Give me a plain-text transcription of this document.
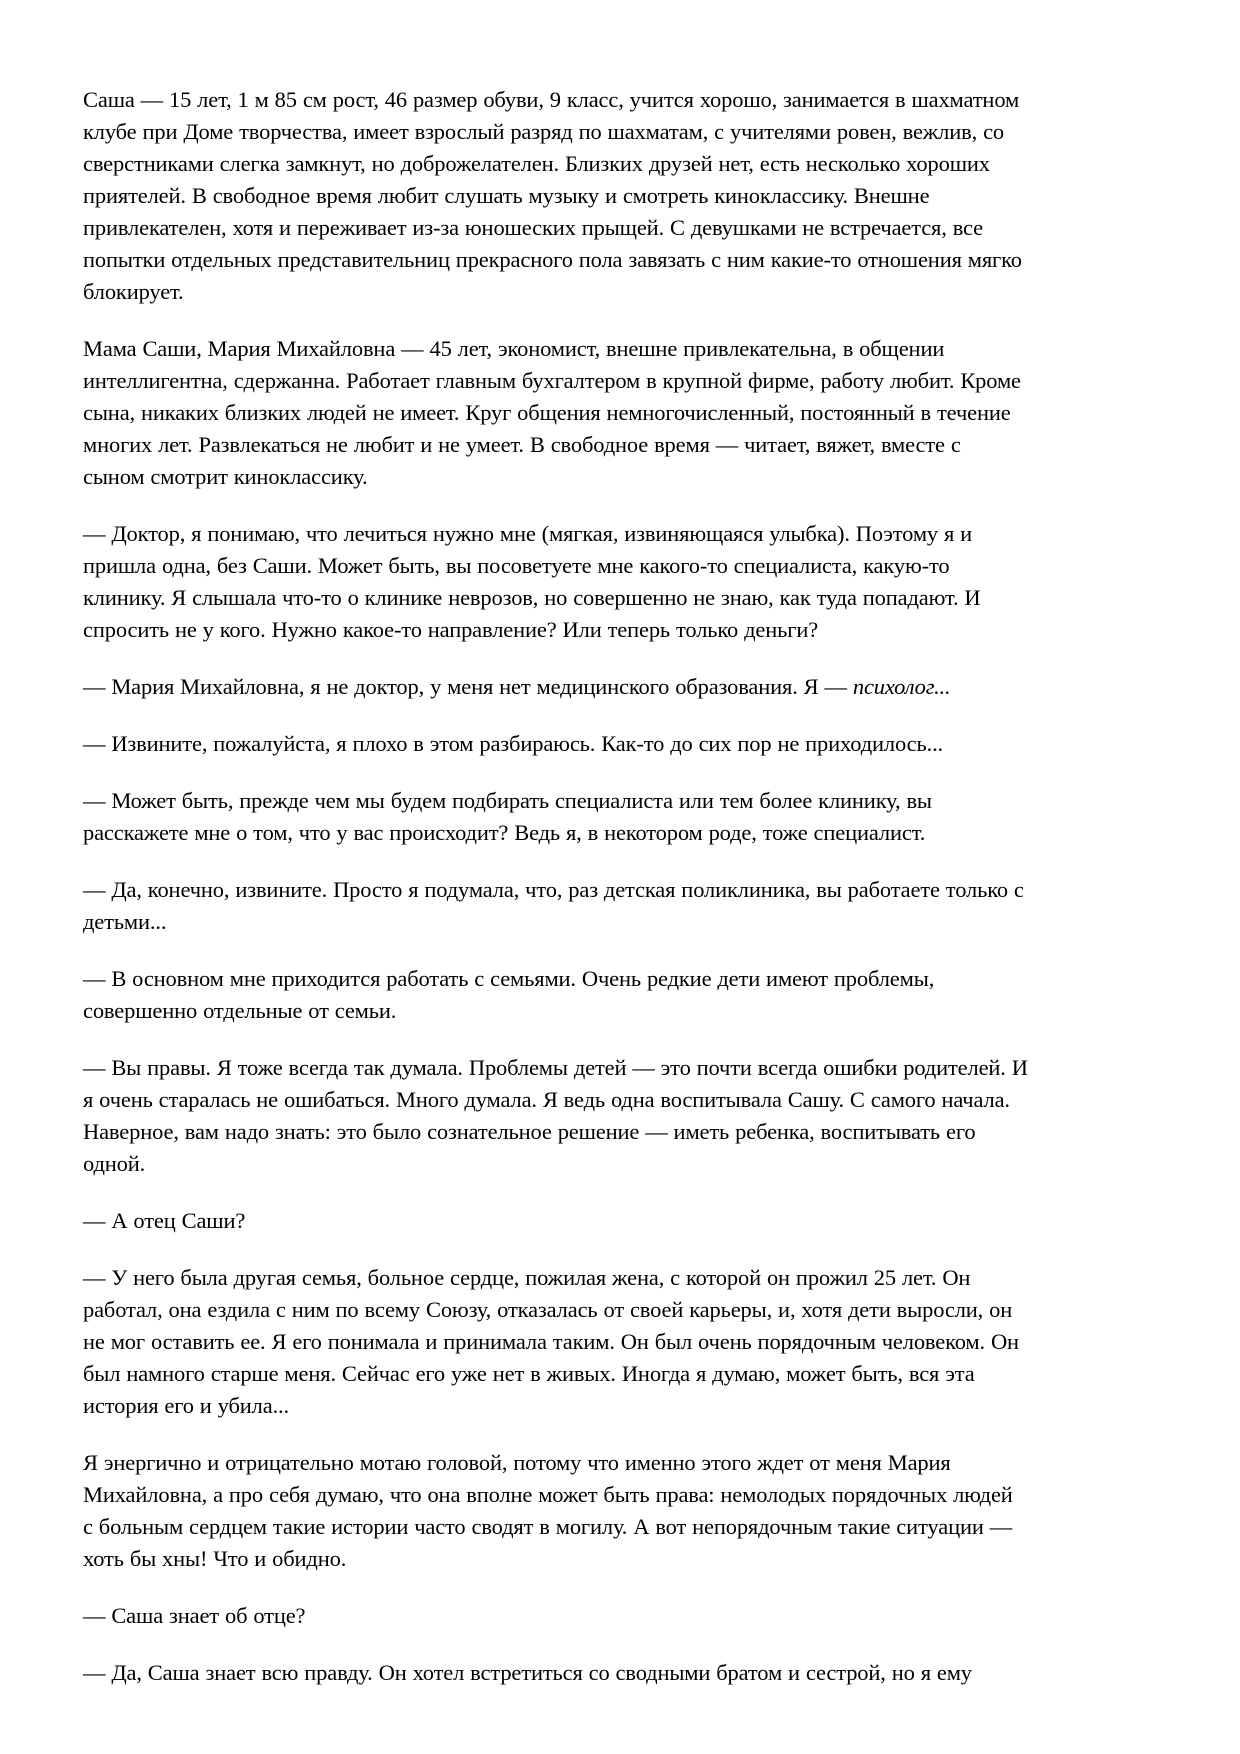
Саша — 15 лет, 1 м 85 см рост, 46 размер обуви, 9 класс, учится хорошо, занимается в шахматном клубе при Доме творчества, имеет взрослый разряд по шахматам, с учителями ровен, вежлив, со сверстниками слегка замкнут, но доброжелателен. Близких друзей нет, есть несколько хороших приятелей. В свободное время любит слушать музыку и смотреть киноклассику. Внешне привлекателен, хотя и переживает из-за юношеских прыщей. С девушками не встречается, все попытки отдельных представительниц прекрасного пола завязать с ним какие-то отношения мягко блокирует.

Мама Саши, Мария Михайловна — 45 лет, экономист, внешне привлекательна, в общении интеллигентна, сдержанна. Работает главным бухгалтером в крупной фирме, работу любит. Кроме сына, никаких близких людей не имеет. Круг общения немногочисленный, постоянный в течение многих лет. Развлекаться не любит и не умеет. В свободное время — читает, вяжет, вместе с сыном смотрит киноклассику.

— Доктор, я понимаю, что лечиться нужно мне (мягкая, извиняющаяся улыбка). Поэтому я и пришла одна, без Саши. Может быть, вы посоветуете мне какого-то специалиста, какую-то клинику. Я слышала что-то о клинике неврозов, но совершенно не знаю, как туда попадают. И спросить не у кого. Нужно какое-то направление? Или теперь только деньги?

— Мария Михайловна, я не доктор, у меня нет медицинского образования. Я — психолог...

— Извините, пожалуйста, я плохо в этом разбираюсь. Как-то до сих пор не приходилось...

— Может быть, прежде чем мы будем подбирать специалиста или тем более клинику, вы расскажете мне о том, что у вас происходит? Ведь я, в некотором роде, тоже специалист.

— Да, конечно, извините. Просто я подумала, что, раз детская поликлиника, вы работаете только с детьми...

— В основном мне приходится работать с семьями. Очень редкие дети имеют проблемы, совершенно отдельные от семьи.

— Вы правы. Я тоже всегда так думала. Проблемы детей — это почти всегда ошибки родителей. И я очень старалась не ошибаться. Много думала. Я ведь одна воспитывала Сашу. С самого начала. Наверное, вам надо знать: это было сознательное решение — иметь ребенка, воспитывать его одной.

— А отец Саши?

— У него была другая семья, больное сердце, пожилая жена, с которой он прожил 25 лет. Он работал, она ездила с ним по всему Союзу, отказалась от своей карьеры, и, хотя дети выросли, он не мог оставить ее. Я его понимала и принимала таким. Он был очень порядочным человеком. Он был намного старше меня. Сейчас его уже нет в живых. Иногда я думаю, может быть, вся эта история его и убила...

Я энергично и отрицательно мотаю головой, потому что именно этого ждет от меня Мария Михайловна, а про себя думаю, что она вполне может быть права: немолодых порядочных людей с больным сердцем такие истории часто сводят в могилу. А вот непорядочным такие ситуации — хоть бы хны! Что и обидно.

— Саша знает об отце?

— Да, Саша знает всю правду. Он хотел встретиться со сводными братом и сестрой, но я ему
